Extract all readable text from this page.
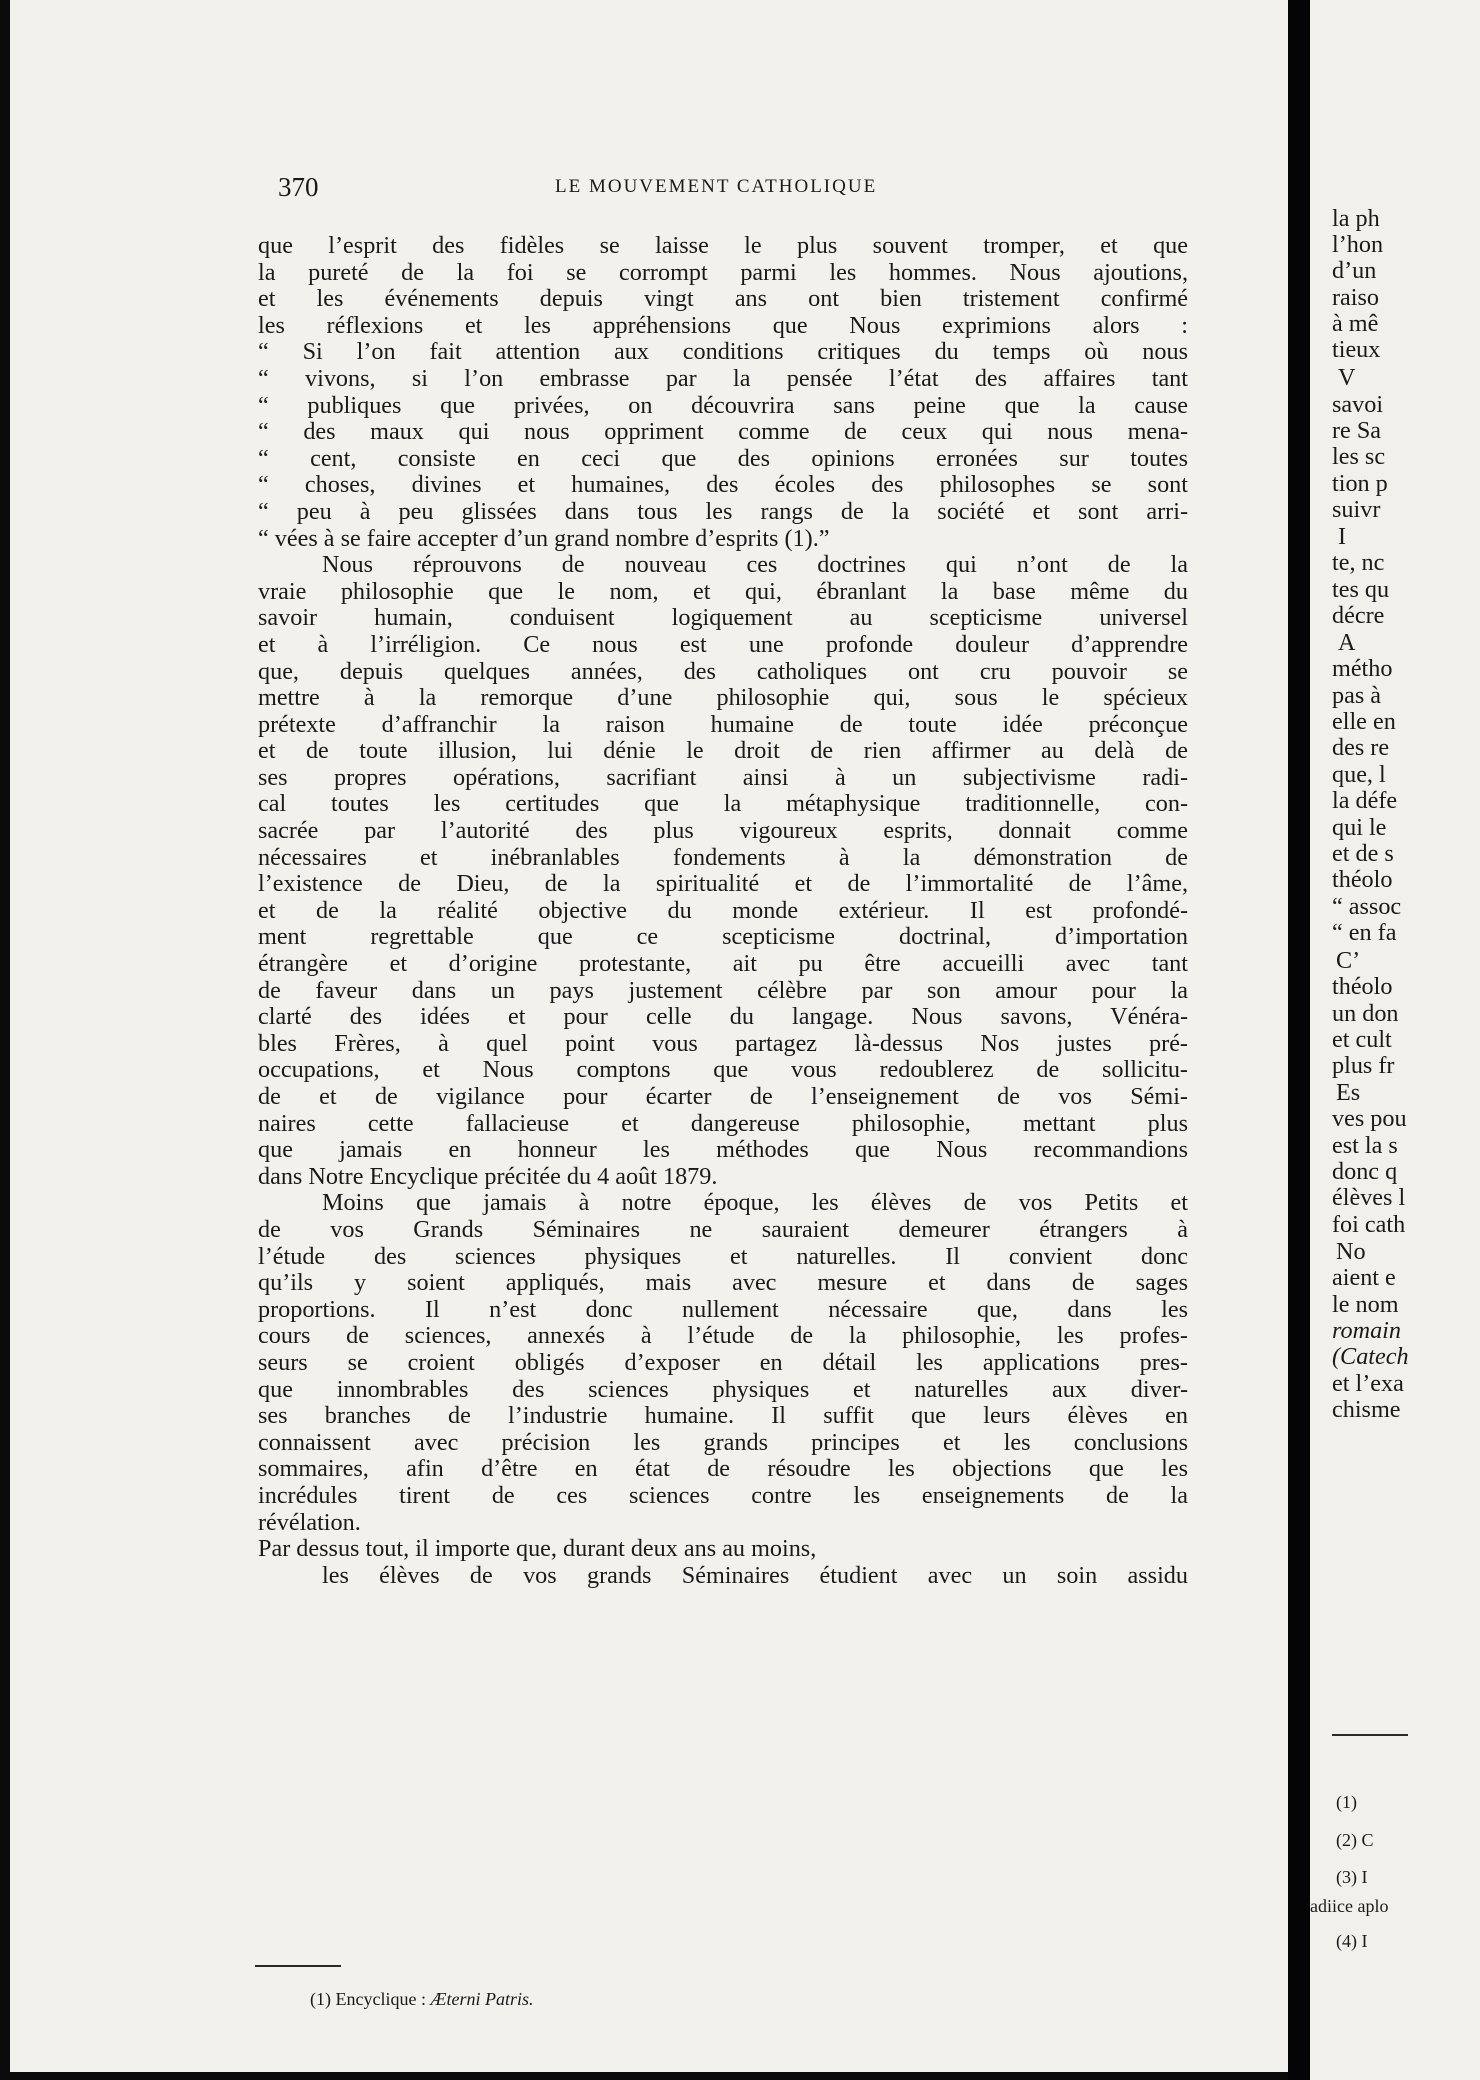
370	LE MOUVEMENT CATHOLIQUE
que l’esprit des fidèles se laisse le plus souvent tromper, et que
la pureté de la foi se corrompt parmi les hommes. Nous ajoutions,
et les événements depuis vingt ans ont bien tristement confirmé
les réflexions et les appréhensions que Nous exprimions alors :
“ Si l’on fait attention aux conditions critiques du temps où nous
“ vivons, si l’on embrasse par la pensée l’état des affaires tant
“ publiques que privées, on découvrira sans peine que la cause
“ des maux qui nous oppriment comme de ceux qui nous mena-
“ cent, consiste en ceci que des opinions erronées sur toutes
“ choses, divines et humaines, des écoles des philosophes se sont
“ peu à peu glissées dans tous les rangs de la société et sont arri-
“ vées à se faire accepter d’un grand nombre d’esprits (1).”
Nous réprouvons de nouveau ces doctrines qui n’ont de la
vraie philosophie que le nom, et qui, ébranlant la base même du
savoir humain, conduisent logiquement au scepticisme universel
et à l’irréligion. Ce nous est une profonde douleur d’apprendre
que, depuis quelques années, des catholiques ont cru pouvoir se
mettre à la remorque d’une philosophie qui, sous le spécieux
prétexte d’affranchir la raison humaine de toute idée préconçue
et de toute illusion, lui dénie le droit de rien affirmer au delà de
ses propres opérations, sacrifiant ainsi à un subjectivisme radi-
cal toutes les certitudes que la métaphysique traditionnelle, con-
sacrée par l’autorité des plus vigoureux esprits, donnait comme
nécessaires et inébranlables fondements à la démonstration de
l’existence de Dieu, de la spiritualité et de l’immortalité de l’âme,
et de la réalité objective du monde extérieur. Il est profondé-
ment regrettable que ce scepticisme doctrinal, d’importation
étrangère et d’origine protestante, ait pu être accueilli avec tant
de faveur dans un pays justement célèbre par son amour pour la
clarté des idées et pour celle du langage. Nous savons, Vénéra-
bles Frères, à quel point vous partagez là-dessus Nos justes pré-
occupations, et Nous comptons que vous redoublerez de sollicitu-
de et de vigilance pour écarter de l’enseignement de vos Sémi-
naires cette fallacieuse et dangereuse philosophie, mettant plus
que jamais en honneur les méthodes que Nous recommandions
dans Notre Encyclique précitée du 4 août 1879.
Moins que jamais à notre époque, les élèves de vos Petits et
de vos Grands Séminaires ne sauraient demeurer étrangers à
l’étude des sciences physiques et naturelles. Il convient donc
qu’ils y soient appliqués, mais avec mesure et dans de sages
proportions. Il n’est donc nullement nécessaire que, dans les
cours de sciences, annexés à l’étude de la philosophie, les profes-
seurs se croient obligés d’exposer en détail les applications pres-
que innombrables des sciences physiques et naturelles aux diver-
ses branches de l’industrie humaine. Il suffit que leurs élèves en
connaissent avec précision les grands principes et les conclusions
sommaires, afin d’être en état de résoudre les objections que les
incrédules tirent de ces sciences contre les enseignements de la
révélation.
Par dessus tout, il importe que, durant deux ans au moins,
les élèves de vos grands Séminaires étudient avec un soin assidu
(1) Encyclique : Æterni Patris.
la ph
l’hon
d’un
raiso
à mê
tieux
V
savoi
re Sa
les sc
tion p
suivr
I
te, nc
tes qu
décre
A
métho
pas à
elle en
des re
que, l
la défe
qui le
et de s
théolo
“ assoc
“ en fa
C’
théolo
un don
et cult
plus fr
Es
ves pou
est la s
donc q
élèves l
foi cath
No
aient e
le nom
romain
(Catech
et l’exa
chisme
(1)
(2) C
(3) I
adiice aplo
(4) I
